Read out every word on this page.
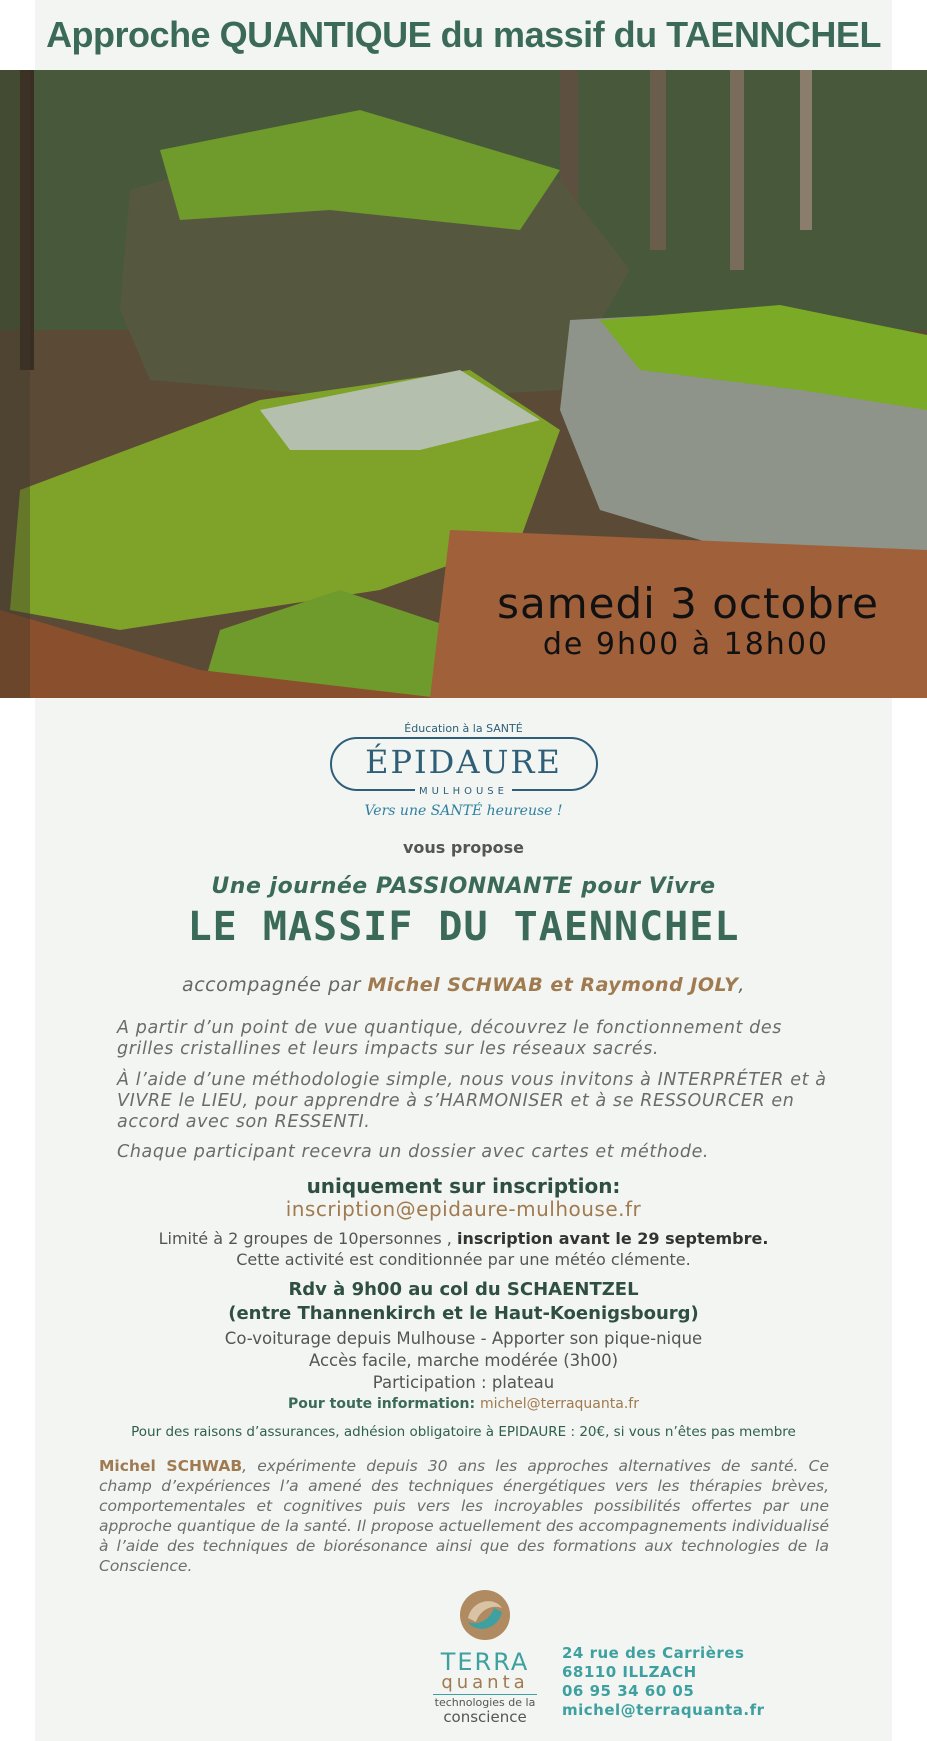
Approche QUANTIQUE du massif du TAENNCHEL
samedi 3 octobre
de 9h00 à 18h00
Éducation à la SANTÉ
ÉPIDAURE
MULHOUSE
Vers une SANTÉ heureuse !
vous propose
Une journée PASSIONNANTE pour Vivre
LE MASSIF DU TAENNCHEL
accompagnée par Michel SCHWAB et Raymond JOLY,
A partir d’un point de vue quantique, découvrez le fonctionnement des grilles cristallines et leurs impacts sur les réseaux sacrés.
À l’aide d’une méthodologie simple, nous vous invitons à INTERPRÉTER et à VIVRE le LIEU, pour apprendre à s’HARMONISER et à se RESSOURCER en accord avec son RESSENTI.
Chaque participant recevra un dossier avec cartes et méthode.
uniquement sur inscription:
inscription@epidaure-mulhouse.fr
Limité à 2 groupes de 10personnes , inscription avant le 29 septembre.
Cette activité est conditionnée par une météo clémente.
Rdv à 9h00 au col du SCHAENTZEL
(entre Thannenkirch et le Haut-Koenigsbourg)
Co-voiturage depuis Mulhouse - Apporter son pique-nique
Accès facile, marche modérée (3h00)
Participation : plateau
Pour toute information: michel@terraquanta.fr
Pour des raisons d’assurances, adhésion obligatoire à EPIDAURE : 20€, si vous n’êtes pas membre
Michel SCHWAB, expérimente depuis 30 ans les approches alternatives de santé. Ce champ d’expériences l’a amené des techniques énergétiques vers les thérapies brèves, comportementales et cognitives puis vers les incroyables possibilités offertes par une approche quantique de la santé. Il propose actuellement des accompagnements individualisé à l’aide des techniques de biorésonance ainsi que des formations aux technologies de la Conscience.
TERRA
quanta
technologies de la
conscience
24 rue des Carrières
68110 ILLZACH
06 95 34 60 05
michel@terraquanta.fr
